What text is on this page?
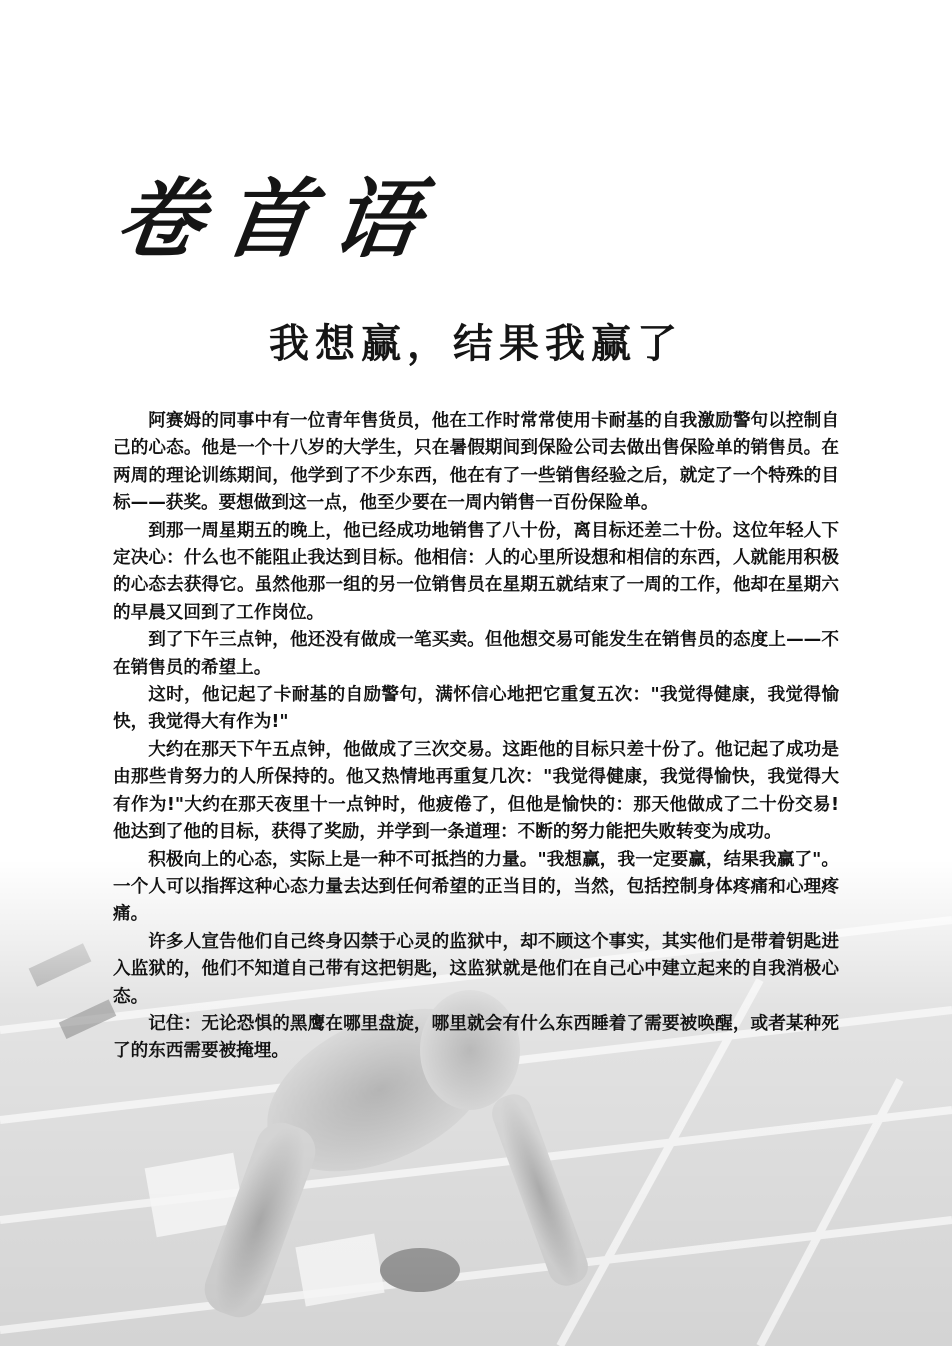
卷首语
我想赢，结果我赢了

阿赛姆的同事中有一位青年售货员，他在工作时常常使用卡耐基的自我激励警句以控制自己的心态。他是一个十八岁的大学生，只在暑假期间到保险公司去做出售保险单的销售员。在两周的理论训练期间，他学到了不少东西，他在有了一些销售经验之后，就定了一个特殊的目标——获奖。要想做到这一点，他至少要在一周内销售一百份保险单。

到那一周星期五的晚上，他已经成功地销售了八十份，离目标还差二十份。这位年轻人下定决心：什么也不能阻止我达到目标。他相信：人的心里所设想和相信的东西，人就能用积极的心态去获得它。虽然他那一组的另一位销售员在星期五就结束了一周的工作，他却在星期六的早晨又回到了工作岗位。

到了下午三点钟，他还没有做成一笔买卖。但他想交易可能发生在销售员的态度上——不在销售员的希望上。

这时，他记起了卡耐基的自励警句，满怀信心地把它重复五次："我觉得健康，我觉得愉快，我觉得大有作为!"

大约在那天下午五点钟，他做成了三次交易。这距他的目标只差十份了。他记起了成功是由那些肯努力的人所保持的。他又热情地再重复几次："我觉得健康，我觉得愉快，我觉得大有作为!"大约在那天夜里十一点钟时，他疲倦了，但他是愉快的：那天他做成了二十份交易!他达到了他的目标，获得了奖励，并学到一条道理：不断的努力能把失败转变为成功。

积极向上的心态，实际上是一种不可抵挡的力量。"我想赢，我一定要赢，结果我赢了"。一个人可以指挥这种心态力量去达到任何希望的正当目的，当然，包括控制身体疼痛和心理疼痛。

许多人宣告他们自己终身囚禁于心灵的监狱中，却不顾这个事实，其实他们是带着钥匙进入监狱的，他们不知道自己带有这把钥匙，这监狱就是他们在自己心中建立起来的自我消极心态。

记住：无论恐惧的黑鹰在哪里盘旋，哪里就会有什么东西睡着了需要被唤醒，或者某种死了的东西需要被掩埋。
